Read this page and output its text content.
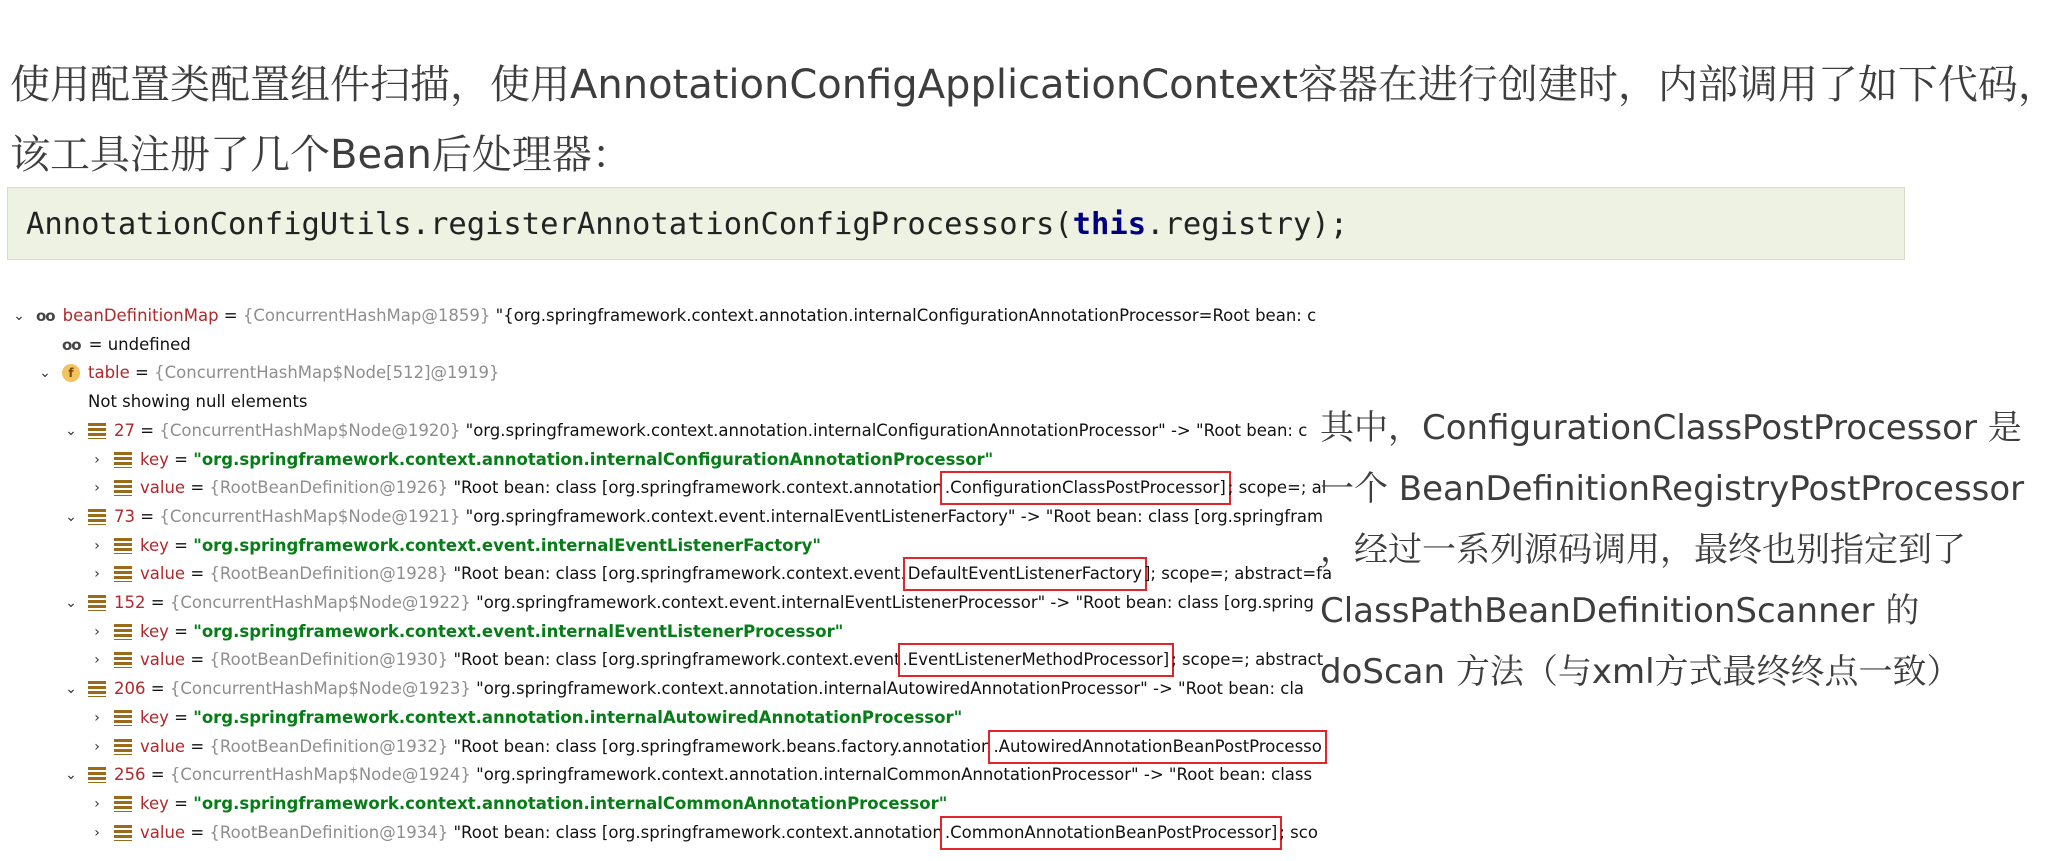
使用配置类配置组件扫描，使用AnnotationConfigApplicationContext容器在进行创建时，内部调用了如下代码，
该工具注册了几个Bean后处理器：
AnnotationConfigUtils.registerAnnotationConfigProcessors(this.registry);
⌄ oo beanDefinitionMap = {ConcurrentHashMap@1859}
"{org.springframework.context.annotation.internalConfigurationAnnotationProcessor=Root bean: c
oo = undefined
⌄	f table = {ConcurrentHashMap$Node[512]@1919}

Not showing null elements
⌄ 27 = {ConcurrentHashMap$Node@1920}
"org.springframework.context.annotation.internalConfigurationAnnotationProcessor" -> "Root bean: c
›	key = "org.springframework.context.annotation.internalConfigurationAnnotationProcessor"
›	value = {RootBeanDefinition@1926}
"Root bean: class [org.springframework.context.annotation .ConfigurationClassPostProcessor] ; scope=; al
⌄ 73 = {ConcurrentHashMap$Node@1921}
"org.springframework.context.event.internalEventListenerFactory" -> "Root bean: class [org.springfram
›	key = "org.springframework.context.event.internalEventListenerFactory"
›	value = {RootBeanDefinition@1928}
"Root bean: class [org.springframework.context.event. DefaultEventListenerFactory ]; scope=; abstract=fa
⌄ 152 = {ConcurrentHashMap$Node@1922}
"org.springframework.context.event.internalEventListenerProcessor" -> "Root bean: class [org.spring
›	key = "org.springframework.context.event.internalEventListenerProcessor"
›	value = {RootBeanDefinition@1930}
"Root bean: class [org.springframework.context.event .EventListenerMethodProcessor] ; scope=; abstract
⌄ 206 = {ConcurrentHashMap$Node@1923}
"org.springframework.context.annotation.internalAutowiredAnnotationProcessor" -> "Root bean: cla
›	key = "org.springframework.context.annotation.internalAutowiredAnnotationProcessor"
›	value = {RootBeanDefinition@1932}
"Root bean: class [org.springframework.beans.factory.annotation .AutowiredAnnotationBeanPostProcesso
⌄ 256 = {ConcurrentHashMap$Node@1924}
"org.springframework.context.annotation.internalCommonAnnotationProcessor" -> "Root bean: class
›	key = "org.springframework.context.annotation.internalCommonAnnotationProcessor"
›	value = {RootBeanDefinition@1934}
"Root bean: class [org.springframework.context.annotation .CommonAnnotationBeanPostProcessor] ; sco
其中，ConfigurationClassPostProcessor 是
一个 BeanDefinitionRegistryPostProcessor
，经过一系列源码调用，最终也别指定到了
ClassPathBeanDefinitionScanner 的
doScan 方法（与xml方式最终终点一致）
